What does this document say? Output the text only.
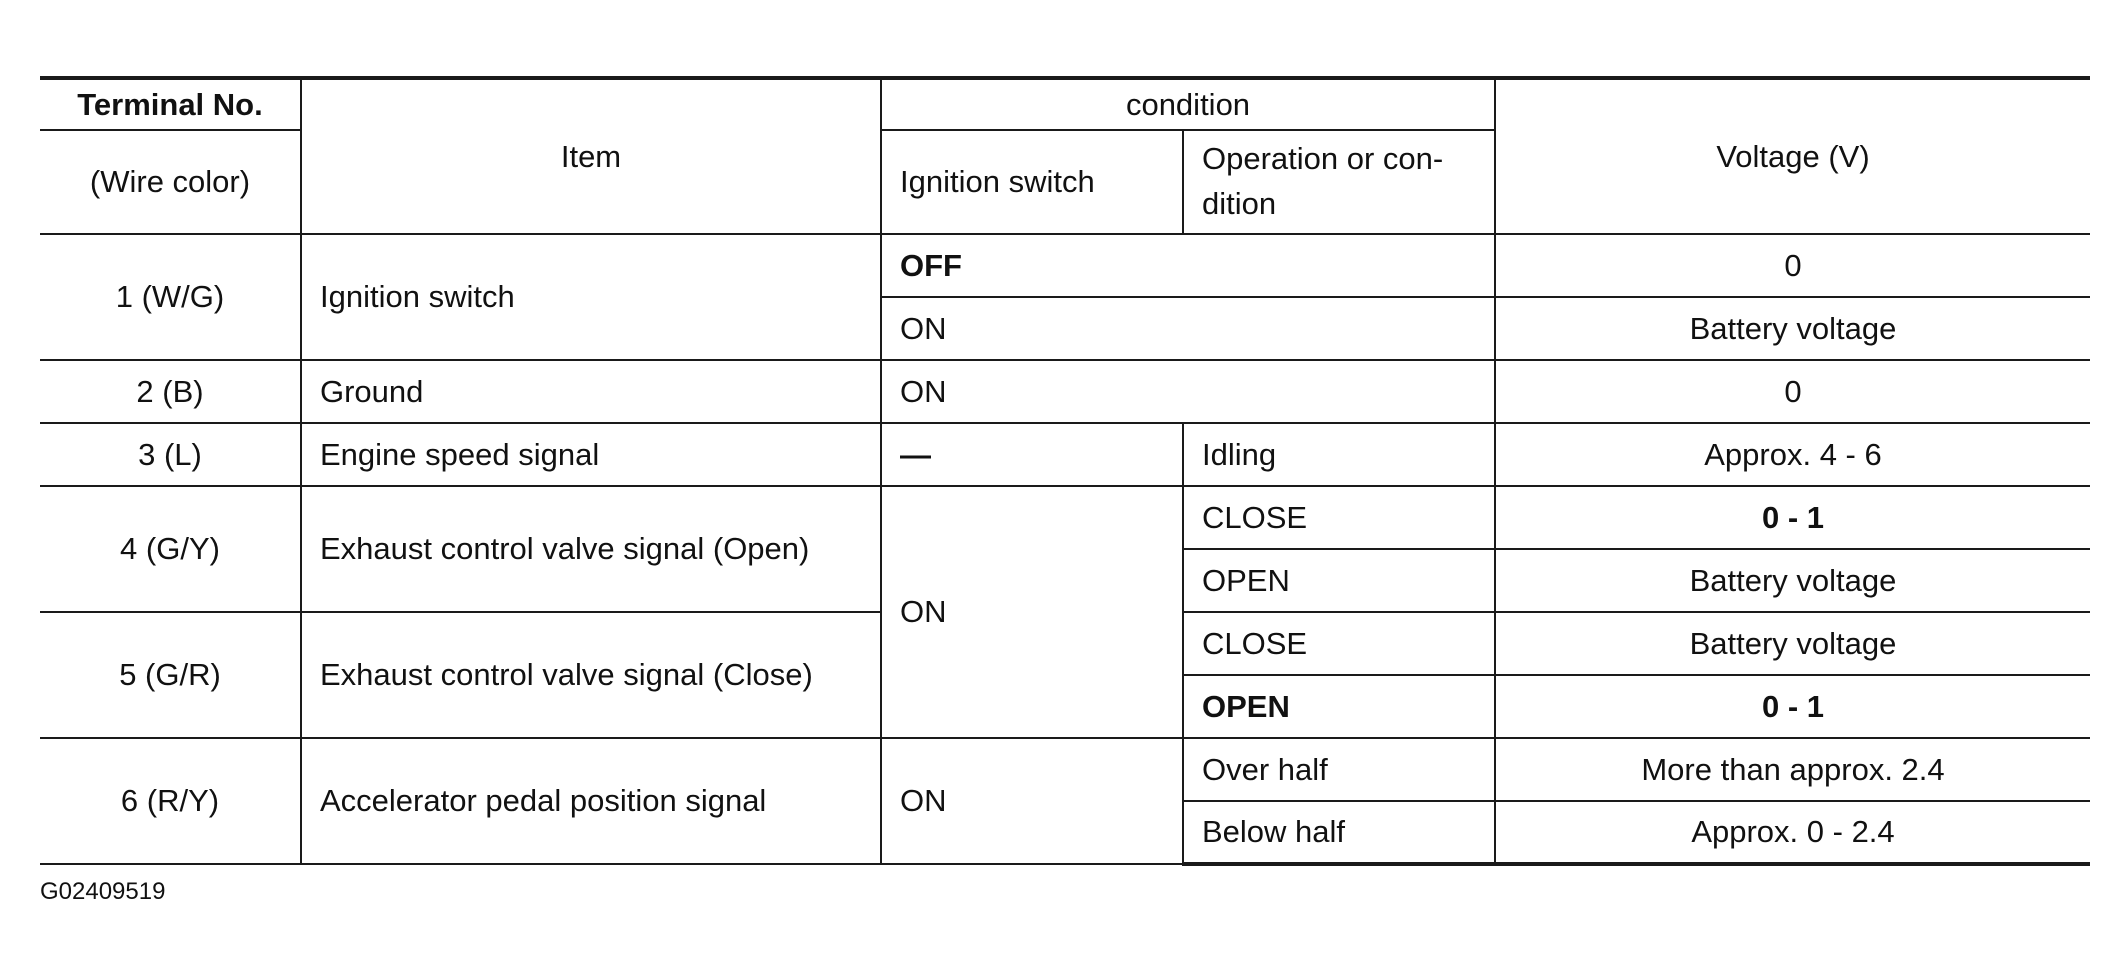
Terminal No.	Item	condition		Voltage (V)
(Wire color)		Ignition switch	Operation or con-dition	
1 (W/G)	Ignition switch	OFF		0
		ON		Battery voltage
2 (B)	Ground	ON		0
3 (L)	Engine speed signal	—	Idling	Approx. 4 - 6
4 (G/Y)	Exhaust control valve signal (Open)	ON	CLOSE	0 - 1
			OPEN	Battery voltage
5 (G/R)	Exhaust control valve signal (Close)		CLOSE	Battery voltage
			OPEN	0 - 1
6 (R/Y)	Accelerator pedal position signal	ON	Over half	More than approx. 2.4
			Below half	Approx. 0 - 2.4
G02409519
